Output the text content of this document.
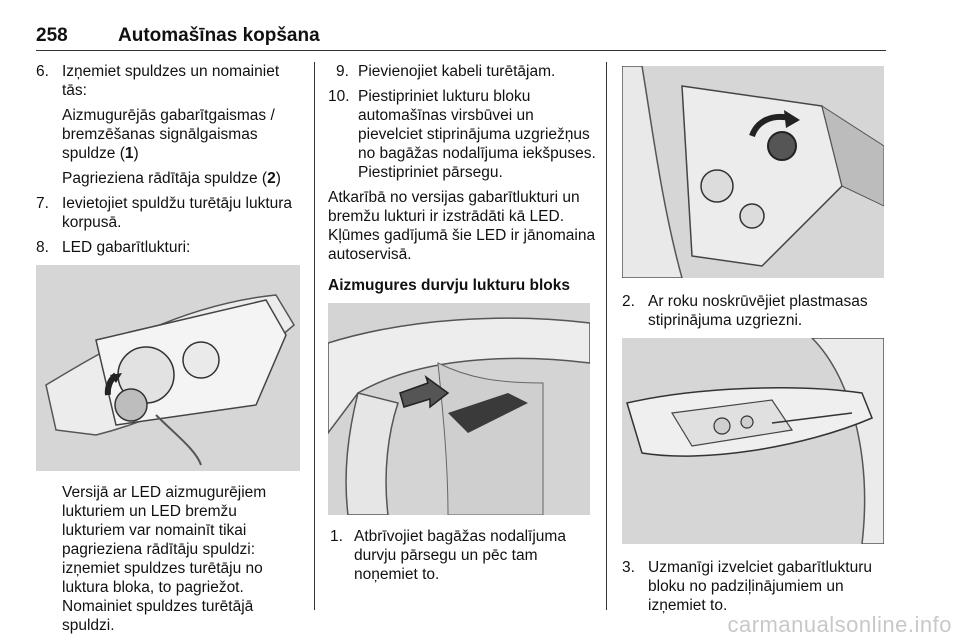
258	Automašīnas kopšana
6. Izņemiet spuldzes un nomainiet tās:
Aizmugurējās gabarītgaismas / bremzēšanas signālgaismas spuldze (1)
Pagrieziena rādītāja spuldze (2)
7. Ievietojiet spuldžu turētāju luktura korpusā.
8. LED gabarītlukturi:
Versijā ar LED aizmugurējiem lukturiem un LED bremžu lukturiem var nomainīt tikai pagrieziena rādītāju spuldzi: izņemiet spuldzes turētāju no luktura bloka, to pagriežot. Nomainiet spuldzes turētājā spuldzi.
9. Pievienojiet kabeli turētājam.
10. Piestipriniet lukturu bloku automašīnas virsbūvei un pievelciet stiprinājuma uzgriežņus no bagāžas nodalījuma iekšpuses. Piestipriniet pārsegu.
Atkarībā no versijas gabarītlukturi un bremžu lukturi ir izstrādāti kā LED. Kļūmes gadījumā šie LED ir jānomaina autoservisā.
Aizmugures durvju lukturu bloks
1. Atbrīvojiet bagāžas nodalījuma durvju pārsegu un pēc tam noņemiet to.
2. Ar roku noskrūvējiet plastmasas stiprinājuma uzgriezni.
3. Uzmanīgi izvelciet gabarītlukturu bloku no padziļinājumiem un izņemiet to.
carmanualsonline.info
